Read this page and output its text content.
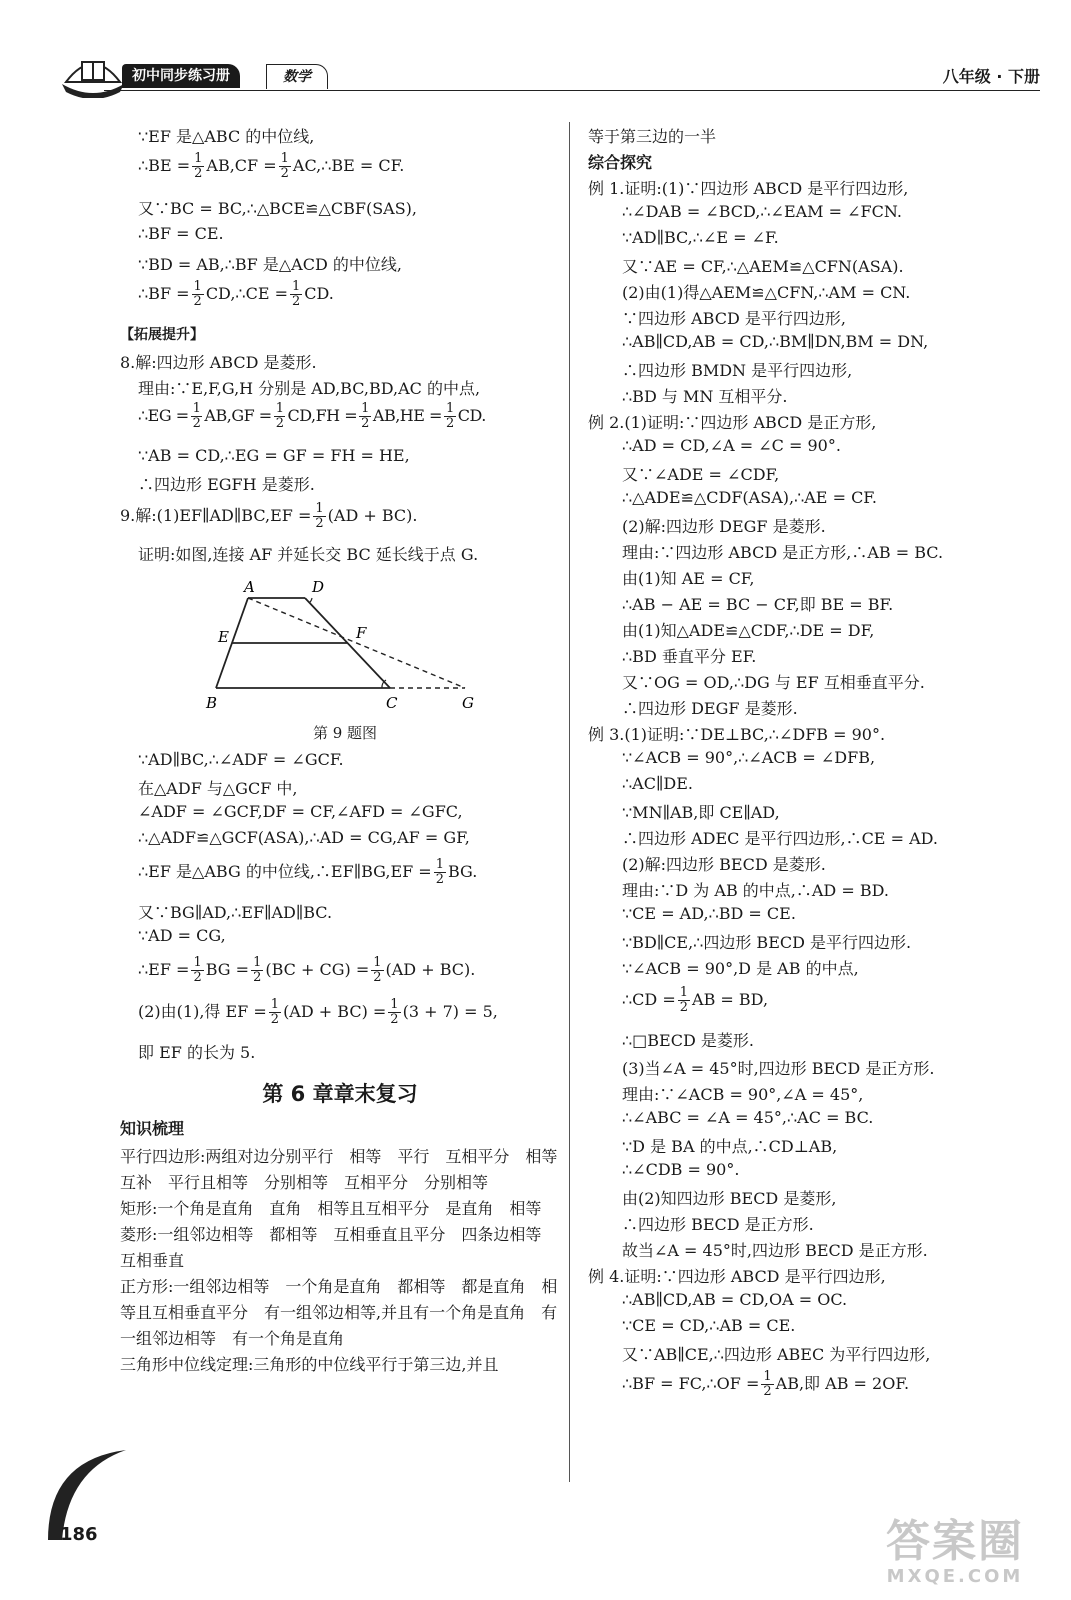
初中同步练习册	数学	八年级 · 下册
∵EF 是△ABC 的中位线,
∴BE = $\frac{1}{2} AB,CF = \frac{1}{2}$ AC,∴BE = CF.
又∵BC = BC,∴△BCE≌△CBF(SAS),
∴BF = CE.
∵BD = AB,∴BF 是△ACD 的中位线,
∴BF = $\frac{1}{2}$ CD,∴CE = $\frac{1}{2}$ CD.
【拓展提升】
8.解:四边形 ABCD 是菱形.
理由:∵E,F,G,H 分别是 AD,BC,BD,AC 的中点,
∴EG = $\frac{1}{2} AB,GF = \frac{1}{2} CD,FH = \frac{1}{2} AB,HE = \frac{1}{2}$ CD.
∵AB = CD,∴EG = GF = FH = HE,
∴四边形 EGFH 是菱形.
9.解:(1)EF∥AD∥BC,EF = $\frac{1}{2} (AD + BC)$.
证明:如图,连接 AF 并延长交 BC 延长线于点 G.
A	D
E	F
B	C	G
第 9 题图
∵AD∥BC,∴∠ADF = ∠GCF.
在△ADF 与△GCF 中,
∠ADF = ∠GCF,DF = CF,∠AFD = ∠GFC,
∴△ADF≌△GCF(ASA),∴AD = CG,AF = GF,
∴EF 是△ABG 的中位线,∴EF∥BG,EF = $\frac{1}{2}$ BG.
又∵BG∥AD,∴EF∥AD∥BC.
∵AD = CG,
∴EF = $\frac{1}{2}$ BG = $\frac{1}{2} (BC + CG) = \frac{1}{2} (AD + BC)$.
(2)由(1),得 EF = $\frac{1}{2} (AD + BC) = \frac{1}{2} (3 + 7) = 5$,
即 EF 的长为 5.
第 6 章章末复习
知识梳理
平行四边形:两组对边分别平行　相等　平行　互相平分　相等　互补　平行且相等　分别相等　互相平分　分别相等
矩形:一个角是直角　直角　相等且互相平分　是直角　相等
菱形:一组邻边相等　都相等　互相垂直且平分　四条边相等　互相垂直
正方形:一组邻边相等　一个角是直角　都相等　都是直角　相等且互相垂直平分　有一组邻边相等,并且有一个角是直角　有一组邻边相等　有一个角是直角
三角形中位线定理:三角形的中位线平行于第三边,并且
等于第三边的一半
综合探究
例 1.证明:(1)∵四边形 ABCD 是平行四边形,
∴∠DAB = ∠BCD,∴∠EAM = ∠FCN.
∵AD∥BC,∴∠E = ∠F.
又∵AE = CF,∴△AEM≌△CFN(ASA).
(2)由(1)得△AEM≌△CFN,∴AM = CN.
∵四边形 ABCD 是平行四边形,
∴AB∥CD,AB = CD,∴BM∥DN,BM = DN,
∴四边形 BMDN 是平行四边形,
∴BD 与 MN 互相平分.
例 2.(1)证明:∵四边形 ABCD 是正方形,
∴AD = CD,∠A = ∠C = 90°.
又∵∠ADE = ∠CDF,
∴△ADE≌△CDF(ASA),∴AE = CF.
(2)解:四边形 DEGF 是菱形.
理由:∵四边形 ABCD 是正方形,∴AB = BC.
由(1)知 AE = CF,
∴AB − AE = BC − CF,即 BE = BF.
由(1)知△ADE≌△CDF,∴DE = DF,
∴BD 垂直平分 EF.
又∵OG = OD,∴DG 与 EF 互相垂直平分.
∴四边形 DEGF 是菱形.
例 3.(1)证明:∵DE⊥BC,∴∠DFB = 90°.
∵∠ACB = 90°,∴∠ACB = ∠DFB,
∴AC∥DE.
∵MN∥AB,即 CE∥AD,
∴四边形 ADEC 是平行四边形,∴CE = AD.
(2)解:四边形 BECD 是菱形.
理由:∵D 为 AB 的中点,∴AD = BD.
∵CE = AD,∴BD = CE.
∵BD∥CE,∴四边形 BECD 是平行四边形.
∵∠ACB = 90°,D 是 AB 的中点,
∴CD = $\frac{1}{2}$ AB = BD,
∴□BECD 是菱形.
(3)当∠A = 45°时,四边形 BECD 是正方形.
理由:∵∠ACB = 90°,∠A = 45°,
∴∠ABC = ∠A = 45°,∴AC = BC.
∵D 是 BA 的中点,∴CD⊥AB,
∴∠CDB = 90°.
由(2)知四边形 BECD 是菱形,
∴四边形 BECD 是正方形.
故当∠A = 45°时,四边形 BECD 是正方形.
例 4.证明:∵四边形 ABCD 是平行四边形,
∴AB∥CD,AB = CD,OA = OC.
∵CE = CD,∴AB = CE.
又∵AB∥CE,∴四边形 ABEC 为平行四边形,
∴BF = FC,∴OF = $\frac{1}{2}$ AB,即 AB = 2OF.
186	答案圈
MXQE.COM
